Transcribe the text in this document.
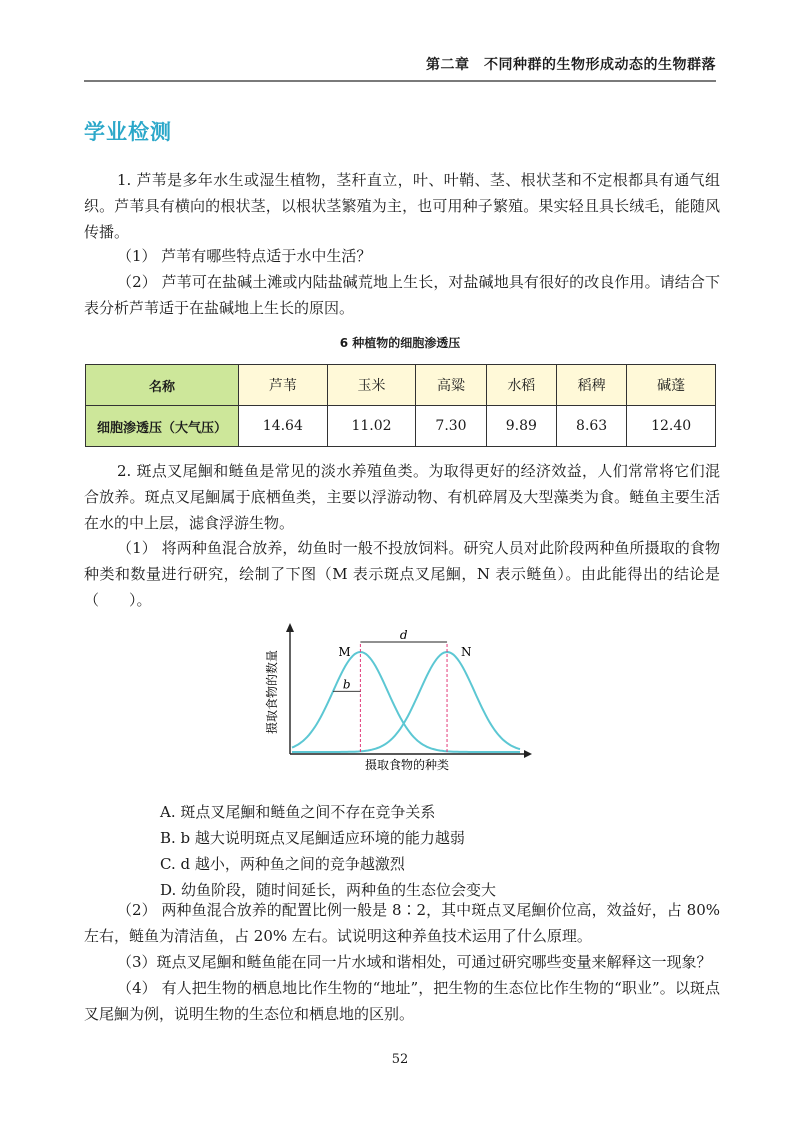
第二章　不同种群的生物形成动态的生物群落
学业检测
1. 芦苇是多年水生或湿生植物，茎秆直立，叶、叶鞘、茎、根状茎和不定根都具有通气组织。芦苇具有横向的根状茎，以根状茎繁殖为主，也可用种子繁殖。果实轻且具长绒毛，能随风传播。
（1） 芦苇有哪些特点适于水中生活？
（2） 芦苇可在盐碱土滩或内陆盐碱荒地上生长，对盐碱地具有很好的改良作用。请结合下表分析芦苇适于在盐碱地上生长的原因。
6 种植物的细胞渗透压
名称	芦苇	玉米	高粱	水稻	稻稗	碱蓬
细胞渗透压（大气压）	14.64	11.02	7.30	9.89	8.63	12.40
2. 斑点叉尾鮰和鲢鱼是常见的淡水养殖鱼类。为取得更好的经济效益，人们常常将它们混合放养。斑点叉尾鮰属于底栖鱼类，主要以浮游动物、有机碎屑及大型藻类为食。鲢鱼主要生活在水的中上层，滤食浮游生物。
（1） 将两种鱼混合放养，幼鱼时一般不投放饲料。研究人员对此阶段两种鱼所摄取的食物种类和数量进行研究，绘制了下图（M 表示斑点叉尾鮰，N 表示鲢鱼）。由此能得出的结论是（　　）。
d
b
M	N
摄取食物的数量
摄取食物的种类
A. 斑点叉尾鮰和鲢鱼之间不存在竞争关系
B. b 越大说明斑点叉尾鮰适应环境的能力越弱
C. d 越小，两种鱼之间的竞争越激烈
D. 幼鱼阶段，随时间延长，两种鱼的生态位会变大
（2） 两种鱼混合放养的配置比例一般是 8∶2，其中斑点叉尾鮰价位高，效益好，占 80%左右，鲢鱼为清洁鱼，占 20% 左右。试说明这种养鱼技术运用了什么原理。
（3）斑点叉尾鮰和鲢鱼能在同一片水域和谐相处，可通过研究哪些变量来解释这一现象？
（4） 有人把生物的栖息地比作生物的“地址”，把生物的生态位比作生物的“职业”。以斑点叉尾鮰为例，说明生物的生态位和栖息地的区别。
52
